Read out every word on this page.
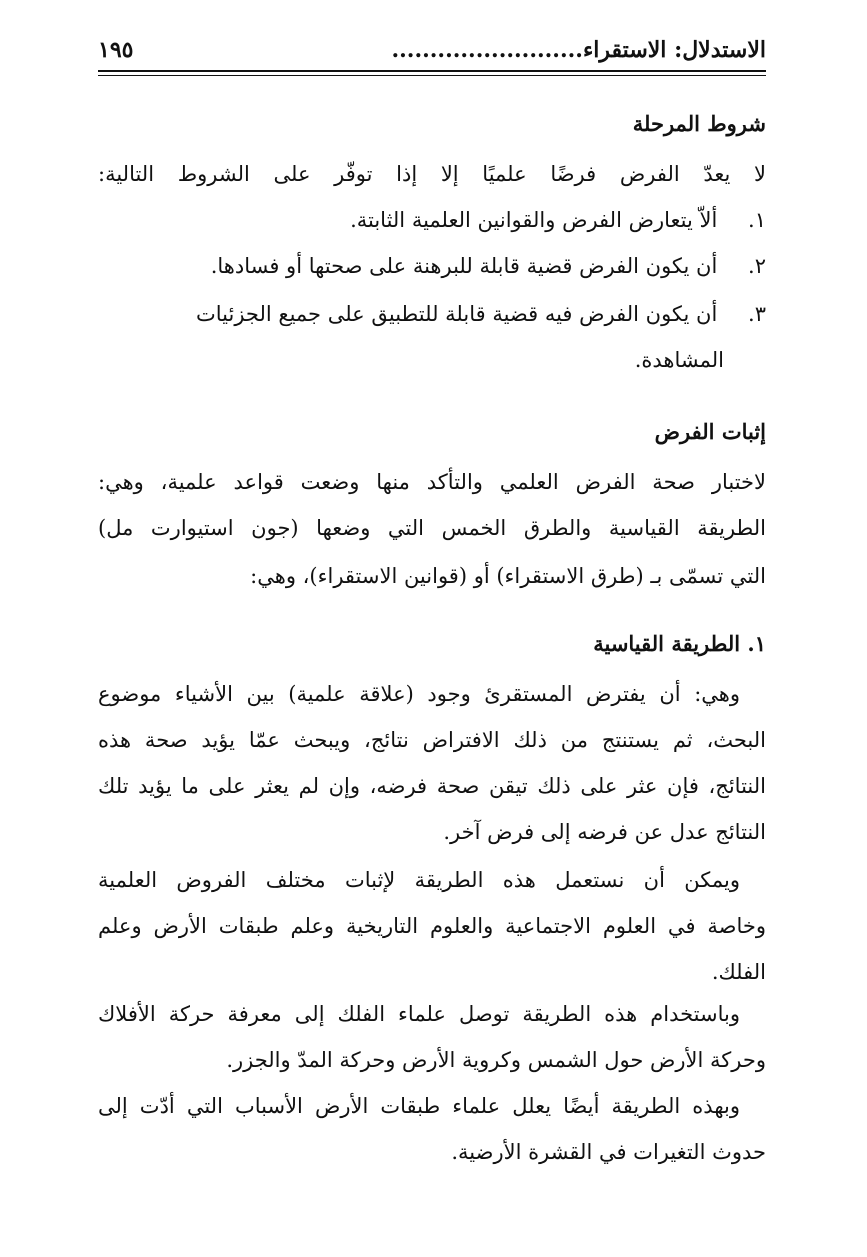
الاستدلال: الاستقراء.........................
١٩٥
شروط المرحلة
لا يعدّ الفرض فرضًا علميًا إلا إذا توفّر على الشروط التالية:
١. ألاّ يتعارض الفرض والقوانين العلمية الثابتة.
٢. أن يكون الفرض قضية قابلة للبرهنة على صحتها أو فسادها.
٣. أن يكون الفرض فيه قضية قابلة للتطبيق على جميع الجزئيات
المشاهدة.
إثبات الفرض
لاختبار صحة الفرض العلمي والتأكد منها وضعت قواعد علمية، وهي:
الطريقة القياسية والطرق الخمس التي وضعها (جون استيوارت مل)
التي تسمّى بـ (طرق الاستقراء) أو (قوانين الاستقراء)، وهي:
١. الطريقة القياسية
وهي: أن يفترض المستقرئ وجود (علاقة علمية) بين الأشياء موضوع
البحث، ثم يستنتج من ذلك الافتراض نتائج، ويبحث عمّا يؤيد صحة هذه
النتائج، فإن عثر على ذلك تيقن صحة فرضه، وإن لم يعثر على ما يؤيد تلك
النتائج عدل عن فرضه إلى فرض آخر.
ويمكن أن نستعمل هذه الطريقة لإثبات مختلف الفروض العلمية
وخاصة في العلوم الاجتماعية والعلوم التاريخية وعلم طبقات الأرض وعلم
الفلك.
وباستخدام هذه الطريقة توصل علماء الفلك إلى معرفة حركة الأفلاك
وحركة الأرض حول الشمس وكروية الأرض وحركة المدّ والجزر.
وبهذه الطريقة أيضًا يعلل علماء طبقات الأرض الأسباب التي أدّت إلى
حدوث التغيرات في القشرة الأرضية.
